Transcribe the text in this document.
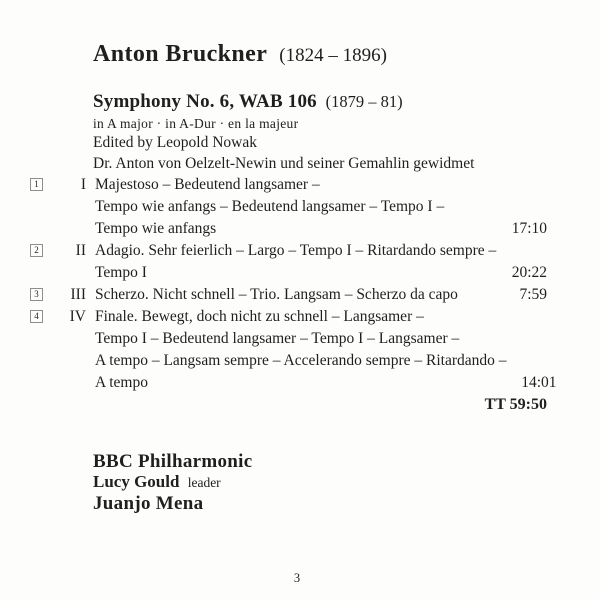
Anton Bruckner (1824 – 1896)
Symphony No. 6, WAB 106 (1879 – 81)
in A major · in A-Dur · en la majeur
Edited by Leopold Nowak
Dr. Anton von Oelzelt-Newin und seiner Gemahlin gewidmet
1	I Majestoso – Bedeutend langsamer –
Tempo wie anfangs – Bedeutend langsamer – Tempo I –
Tempo wie anfangs	17:10
2	II Adagio. Sehr feierlich – Largo – Tempo I – Ritardando sempre –
Tempo I	20:22
3	III Scherzo. Nicht schnell – Trio. Langsam – Scherzo da capo	7:59
4	IV Finale. Bewegt, doch nicht zu schnell – Langsamer –
Tempo I – Bedeutend langsamer – Tempo I – Langsamer –
A tempo – Langsam sempre – Accelerando sempre – Ritardando –
A tempo	14:01
TT 59:50
BBC Philharmonic
Lucy Gould leader
Juanjo Mena
3
